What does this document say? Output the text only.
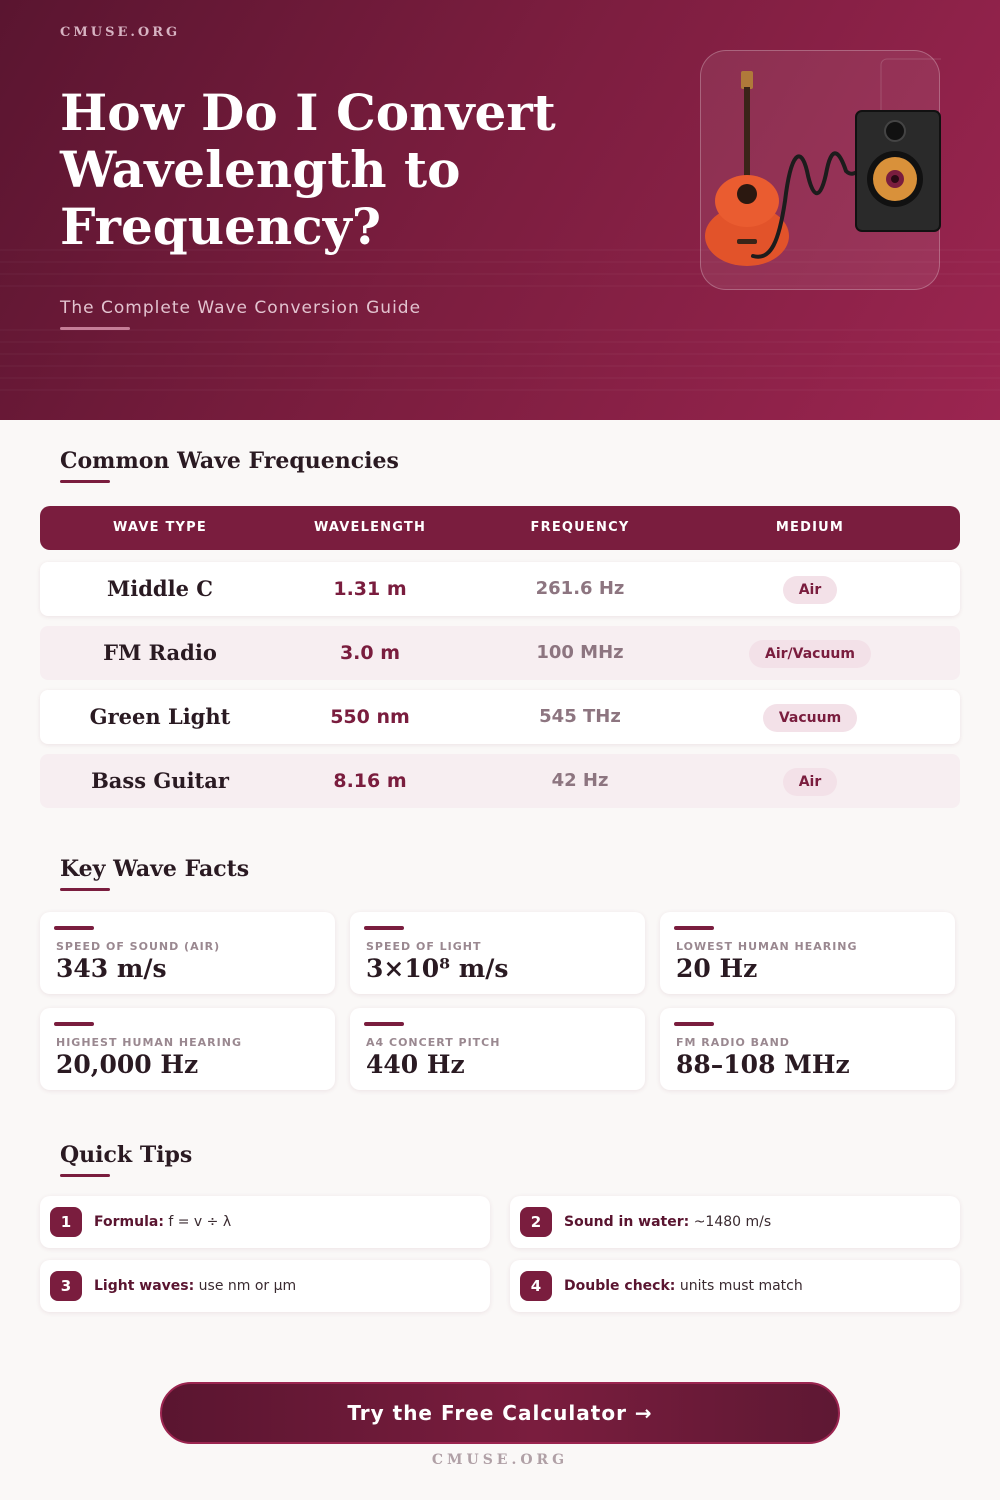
CMUSE.ORG
How Do I Convert Wavelength to Frequency?
The Complete Wave Conversion Guide
Common Wave Frequencies
WAVE TYPE	WAVELENGTH	FREQUENCY	MEDIUM
Middle C	1.31 m	261.6 Hz	Air
FM Radio	3.0 m	100 MHz	Air/Vacuum
Green Light	550 nm	545 THz	Vacuum
Bass Guitar	8.16 m	42 Hz	Air
Key Wave Facts
SPEED OF SOUND (AIR)
343 m/s
SPEED OF LIGHT
3×10⁸ m/s
LOWEST HUMAN HEARING
20 Hz
HIGHEST HUMAN HEARING
20,000 Hz
A4 CONCERT PITCH
440 Hz
FM RADIO BAND
88–108 MHz
Quick Tips
1	Formula: f = v ÷ λ	2	Sound in water: ~1480 m/s
3	Light waves: use nm or μm	4	Double check: units must match
Try the Free Calculator →
CMUSE.ORG
